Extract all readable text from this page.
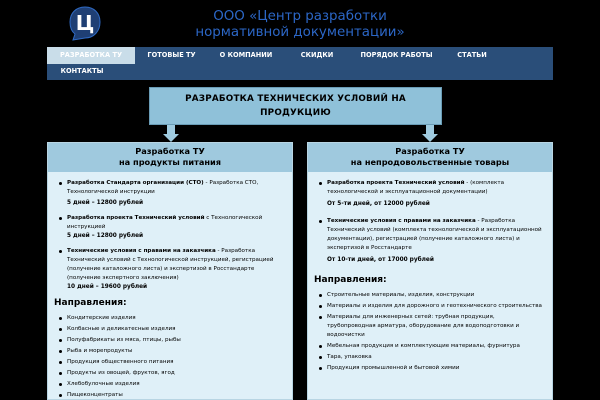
Ц	ООО «Центр разработки
нормативной документации»
РАЗРАБОТКА ТУ	ГОТОВЫЕ ТУ	О КОМПАНИИ	СКИДКИ	ПОРЯДОК РАБОТЫ	СТАТЬИ
КОНТАКТЫ
РАЗРАБОТКА ТЕХНИЧЕСКИХ УСЛОВИЙ НА
ПРОДУКЦИЮ
Разработка ТУ
на продукты питания
Разработка Стандарта организации (СТО) - Разработка СТО, Технологической инструкции
5 дней – 12800 рублей
Разработка проекта Технический условий с Технологической инструкцией
5 дней – 12800 рублей
Технические условия с правами на заказчика - Разработка Технический условий с Технологической инструкцией, регистрацией (получение каталожного листа) и экспертизой в Росстандарте (получение экспертного заключения)
10 дней – 19600 рублей
Направления:
Кондитерские изделия
Колбасные и деликатесные изделия
Полуфабрикаты из мяса, птицы, рыбы
Рыба и морепродукты
Продукция общественного питания
Продукты из овощей, фруктов, ягод
Хлебобулочные изделия
Пищеконцентраты
Разработка ТУ
на непродовольственные товары
Разработка проекта Технический условий - (комплекта технологической и эксплуатационной документации)
От 5-ти дней, от 12000 рублей
Технические условия с правами на заказчика - Разработка Технический условий (комплекта технологической и эксплуатационной документации), регистрацией (получение каталожного листа) и экспертизой в Росстандарте
От 10-ти дней, от 17000 рублей
Направления:
Строительные материалы, изделия, конструкции
Материалы и изделия для дорожного и геотехнического строительства
Материалы для инженерных сетей: трубная продукция, трубопроводная арматура, оборудование для водоподготовки и водоочистки
Мебельная продукция и комплектующие материалы, фурнитура
Тара, упаковка
Продукция промышленной и бытовой химии
